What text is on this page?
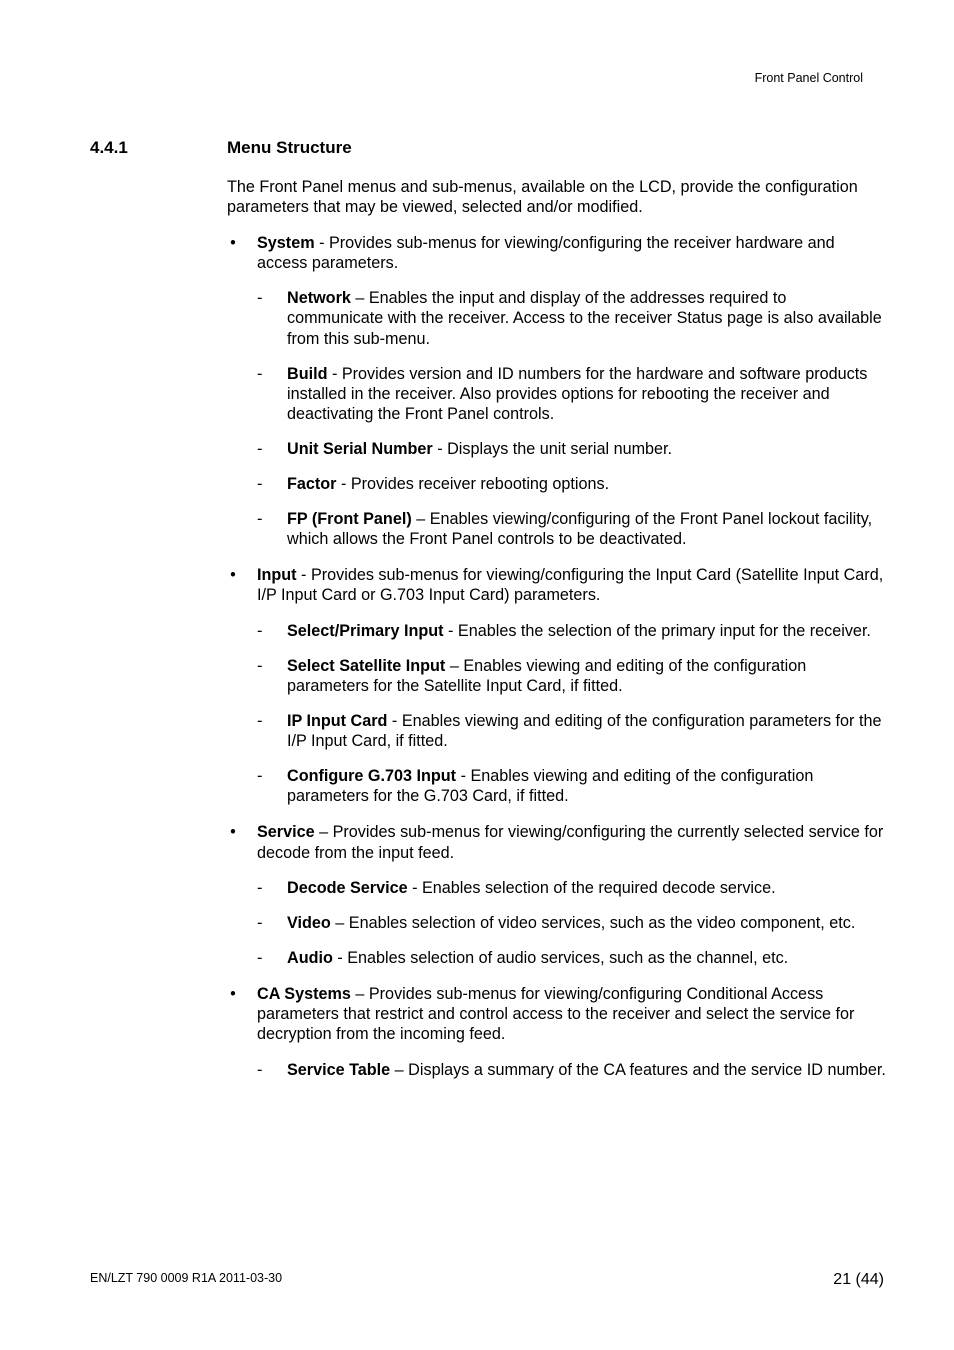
Front Panel Control
4.4.1	Menu Structure

The Front Panel menus and sub-menus, available on the LCD, provide the configuration parameters that may be viewed, selected and/or modified.

• System - Provides sub-menus for viewing/configuring the receiver hardware and access parameters.
- Network – Enables the input and display of the addresses required to communicate with the receiver. Access to the receiver Status page is also available from this sub-menu.
- Build - Provides version and ID numbers for the hardware and software products installed in the receiver. Also provides options for rebooting the receiver and deactivating the Front Panel controls.
- Unit Serial Number - Displays the unit serial number.
- Factor - Provides receiver rebooting options.
- FP (Front Panel) – Enables viewing/configuring of the Front Panel lockout facility, which allows the Front Panel controls to be deactivated.
• Input - Provides sub-menus for viewing/configuring the Input Card (Satellite Input Card, I/P Input Card or G.703 Input Card) parameters.
- Select/Primary Input - Enables the selection of the primary input for the receiver.
- Select Satellite Input – Enables viewing and editing of the configuration parameters for the Satellite Input Card, if fitted.
- IP Input Card - Enables viewing and editing of the configuration parameters for the I/P Input Card, if fitted.
- Configure G.703 Input - Enables viewing and editing of the configuration parameters for the G.703 Card, if fitted.
• Service – Provides sub-menus for viewing/configuring the currently selected service for decode from the input feed.
- Decode Service - Enables selection of the required decode service.
- Video – Enables selection of video services, such as the video component, etc.
- Audio - Enables selection of audio services, such as the channel, etc.
• CA Systems – Provides sub-menus for viewing/configuring Conditional Access parameters that restrict and control access to the receiver and select the service for decryption from the incoming feed.
- Service Table – Displays a summary of the CA features and the service ID number.
EN/LZT 790 0009 R1A 2011-03-30	21 (44)
